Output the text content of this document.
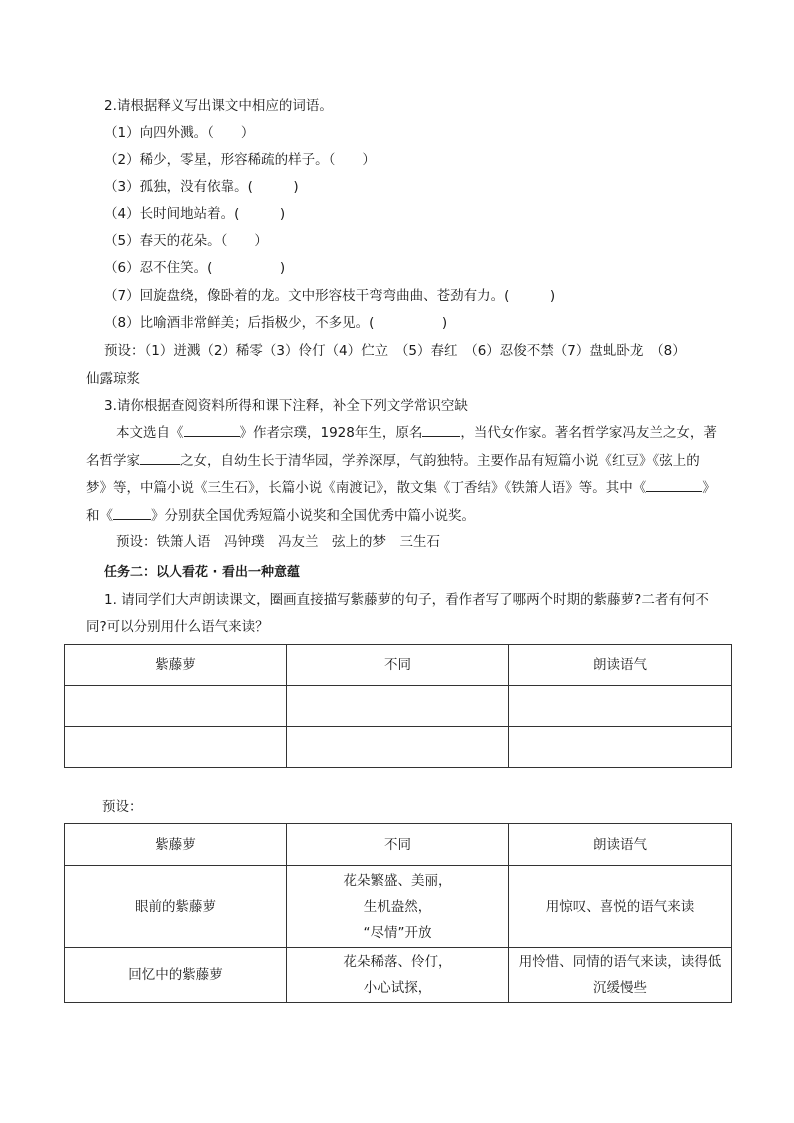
2.请根据释义写出课文中相应的词语。
（1）向四外溅。（　　）
（2）稀少，零星，形容稀疏的样子。（　　）
（3）孤独，没有依靠。(　　　)
（4）长时间地站着。(　　　)
（5）春天的花朵。（　　）
（6）忍不住笑。(　　　　　)
（7）回旋盘绕，像卧着的龙。文中形容枝干弯弯曲曲、苍劲有力。(　　　)
（8）比喻酒非常鲜美；后指极少，不多见。(　　　　　)
预设：（1）迸溅（2）稀零（3）伶仃（4）伫立　（5）春红　（6）忍俊不禁（7）盘虬卧龙　（8）
仙露琼浆
3.请你根据查阅资料所得和课下注释，补全下列文学常识空缺
本文选自《	》作者宗璞，1928年生，原名	，当代女作家。著名哲学家冯友兰之女，著
名哲学家	之女，自幼生长于清华园，学养深厚，气韵独特。主要作品有短篇小说《红豆》《弦上的
梦》等，中篇小说《三生石》，长篇小说《南渡记》，散文集《丁香结》《铁箫人语》等。其中《	》
和《	》分别获全国优秀短篇小说奖和全国优秀中篇小说奖。
预设：铁箫人语　冯钟璞　冯友兰　弦上的梦　三生石
任务二：以人看花 · 看出一种意蕴
1. 请同学们大声朗读课文，圈画直接描写紫藤萝的句子，看作者写了哪两个时期的紫藤萝?二者有何不
同?可以分别用什么语气来读？
紫藤萝	不同	朗读语气

预设：
紫藤萝	不同	朗读语气
眼前的紫藤萝	花朵繁盛、美丽，
生机盎然，
“尽情”开放	用惊叹、喜悦的语气来读
回忆中的紫藤萝	花朵稀落、伶仃，
小心试探，	用怜惜、同情的语气来读，读得低
沉缓慢些
